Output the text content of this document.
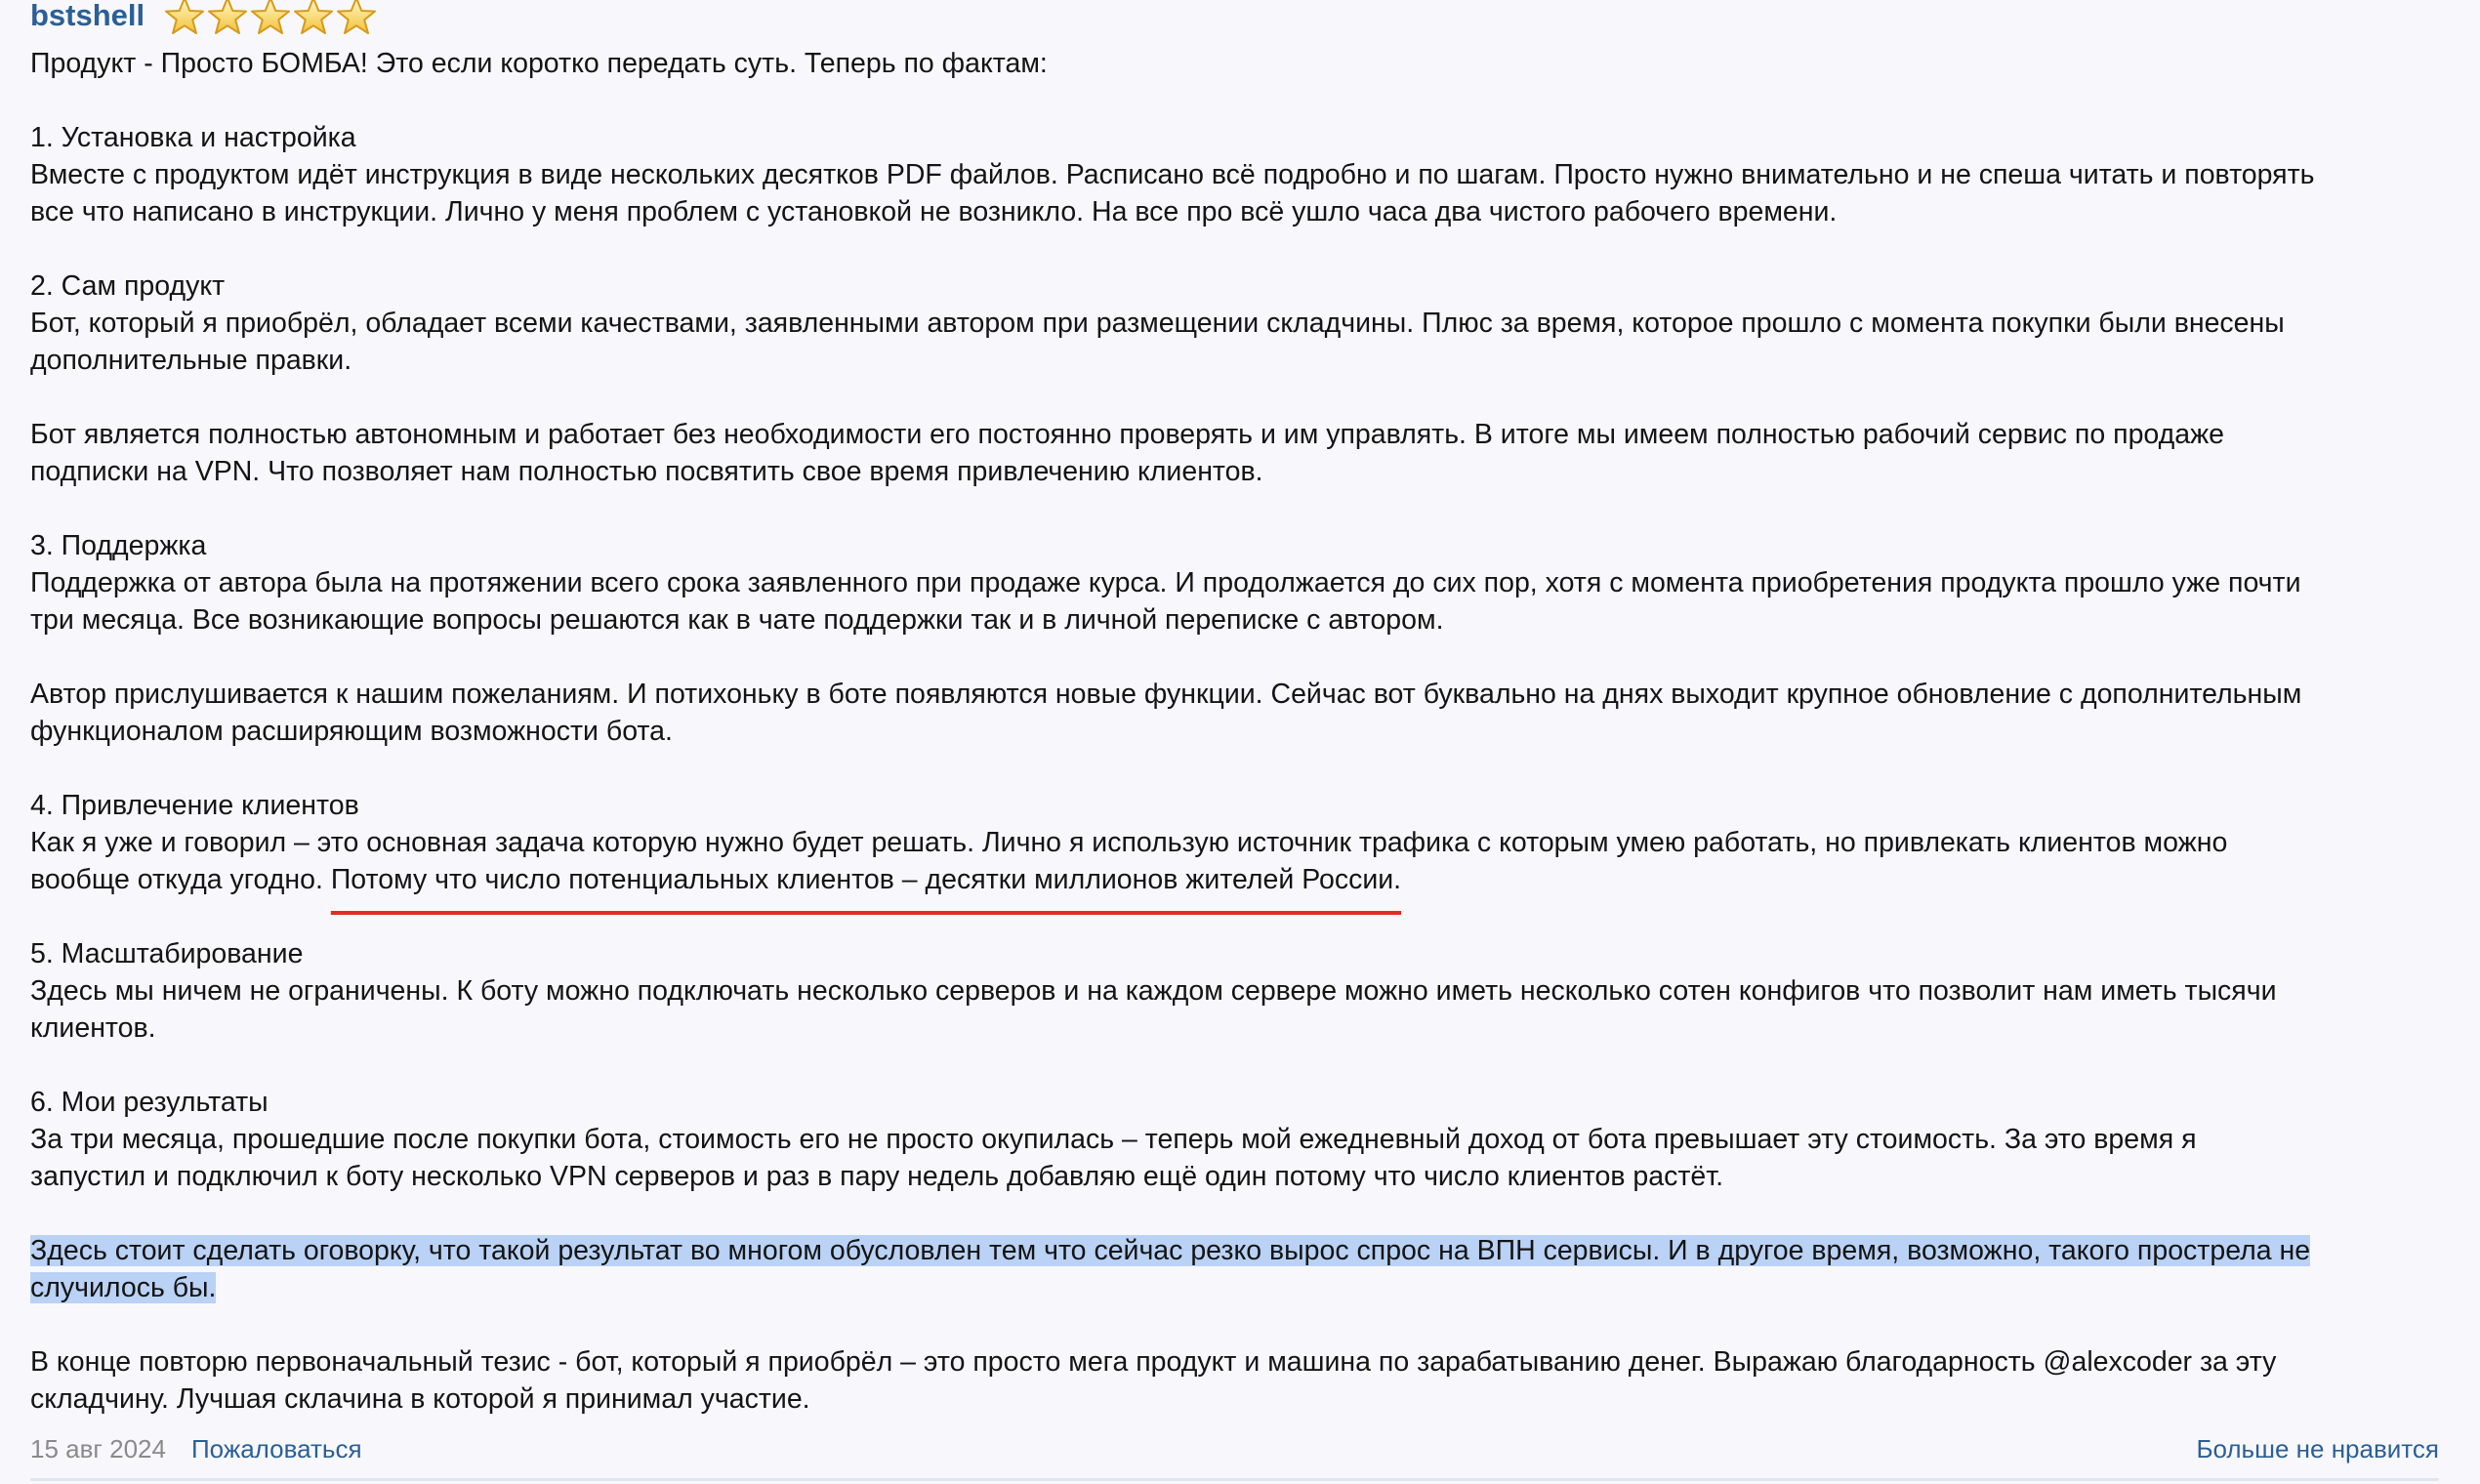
bstshell
Продукт - Просто БОМБА! Это если коротко передать суть. Теперь по фактам:
1. Установка и настройка
Вместе с продуктом идёт инструкция в виде нескольких десятков PDF файлов. Расписано всё подробно и по шагам. Просто нужно внимательно и не спеша читать и повторять
все что написано в инструкции. Лично у меня проблем с установкой не возникло. На все про всё ушло часа два чистого рабочего времени.
2. Сам продукт
Бот, который я приобрёл, обладает всеми качествами, заявленными автором при размещении складчины. Плюс за время, которое прошло с момента покупки были внесены
дополнительные правки.
Бот является полностью автономным и работает без необходимости его постоянно проверять и им управлять. В итоге мы имеем полностью рабочий сервис по продаже
подписки на VPN. Что позволяет нам полностью посвятить свое время привлечению клиентов.
3. Поддержка
Поддержка от автора была на протяжении всего срока заявленного при продаже курса. И продолжается до сих пор, хотя с момента приобретения продукта прошло уже почти
три месяца. Все возникающие вопросы решаются как в чате поддержки так и в личной переписке с автором.
Автор прислушивается к нашим пожеланиям. И потихоньку в боте появляются новые функции. Сейчас вот буквально на днях выходит крупное обновление с дополнительным
функционалом расширяющим возможности бота.
4. Привлечение клиентов
Как я уже и говорил – это основная задача которую нужно будет решать. Лично я использую источник трафика с которым умею работать, но привлекать клиентов можно
вообще откуда угодно. Потому что число потенциальных клиентов – десятки миллионов жителей России.
5. Масштабирование
Здесь мы ничем не ограничены. К боту можно подключать несколько серверов и на каждом сервере можно иметь несколько сотен конфигов что позволит нам иметь тысячи
клиентов.
6. Мои результаты
За три месяца, прошедшие после покупки бота, стоимость его не просто окупилась – теперь мой ежедневный доход от бота превышает эту стоимость. За это время я
запустил и подключил к боту несколько VPN серверов и раз в пару недель добавляю ещё один потому что число клиентов растёт.
Здесь стоит сделать оговорку, что такой результат во многом обусловлен тем что сейчас резко вырос спрос на ВПН сервисы. И в другое время, возможно, такого прострела не
случилось бы.
В конце повторю первоначальный тезис - бот, который я приобрёл – это просто мега продукт и машина по зарабатыванию денег. Выражаю благодарность @alexcoder за эту
складчину. Лучшая склачина в которой я принимал участие.
15 авг 2024 Пожаловаться	Больше не нравится
